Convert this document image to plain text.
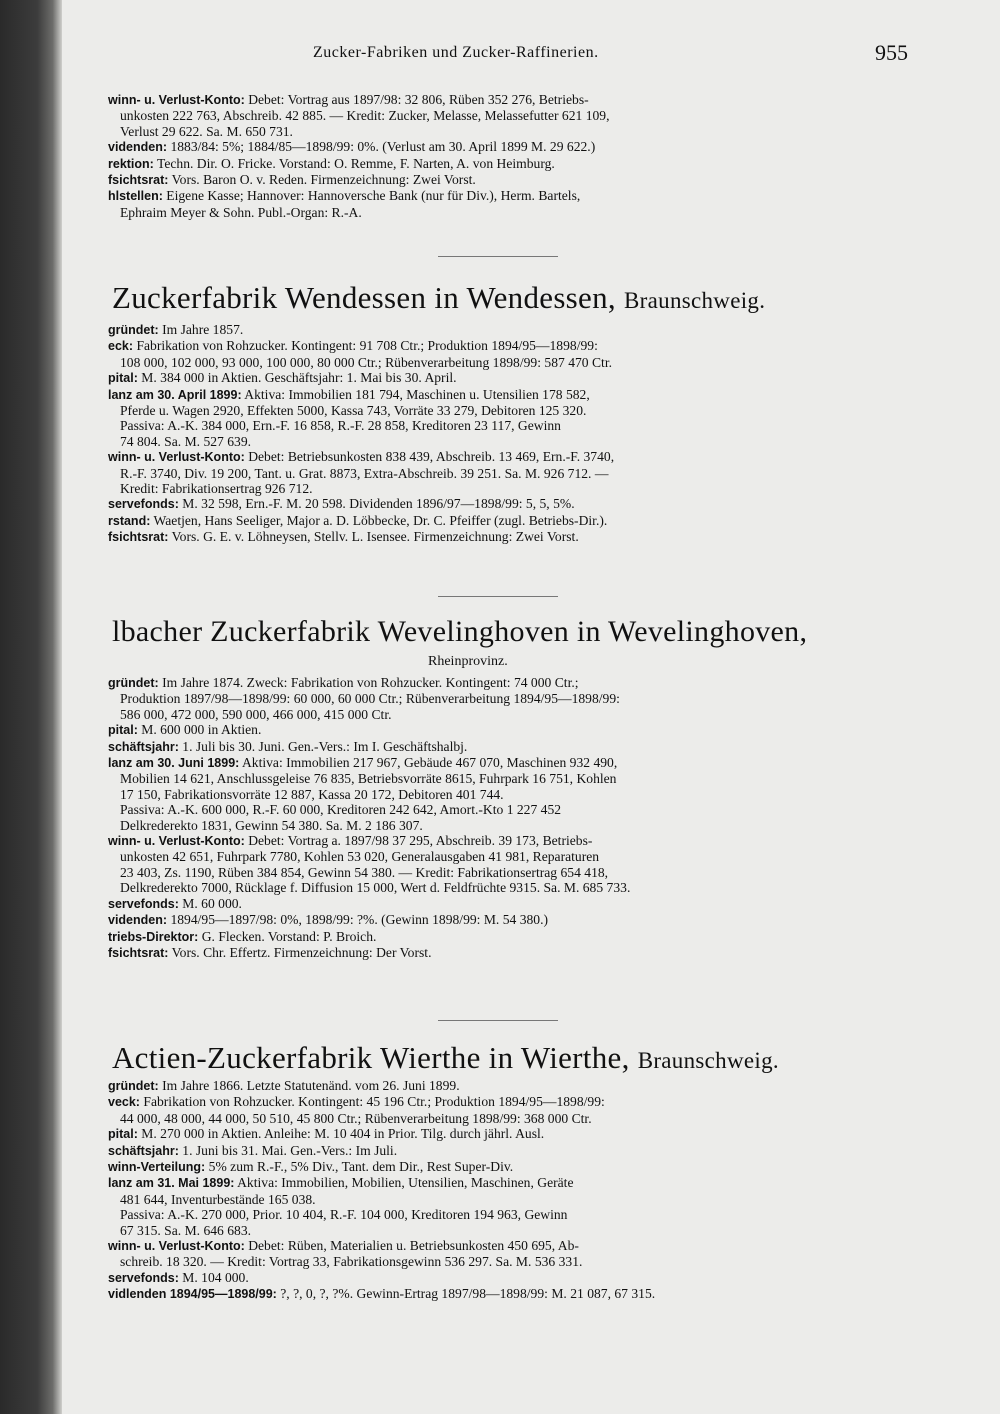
Zucker-Fabriken und Zucker-Raffinerien.	955
winn- u. Verlust-Konto: Debet: Vortrag aus 1897/98: 32 806, Rüben 352 276, Betriebs-
unkosten 222 763, Abschreib. 42 885. — Kredit: Zucker, Melasse, Melassefutter 621 109,
Verlust 29 622. Sa. M. 650 731.
videnden: 1883/84: 5%; 1884/85—1898/99: 0%. (Verlust am 30. April 1899 M. 29 622.)
rektion: Techn. Dir. O. Fricke. Vorstand: O. Remme, F. Narten, A. von Heimburg.
fsichtsrat: Vors. Baron O. v. Reden. Firmenzeichnung: Zwei Vorst.
hlstellen: Eigene Kasse; Hannover: Hannoversche Bank (nur für Div.), Herm. Bartels,
Ephraim Meyer & Sohn. Publ.-Organ: R.-A.
Zuckerfabrik Wendessen in Wendessen, Braunschweig.
gründet: Im Jahre 1857.
eck: Fabrikation von Rohzucker. Kontingent: 91 708 Ctr.; Produktion 1894/95—1898/99:
108 000, 102 000, 93 000, 100 000, 80 000 Ctr.; Rübenverarbeitung 1898/99: 587 470 Ctr.
pital: M. 384 000 in Aktien. Geschäftsjahr: 1. Mai bis 30. April.
lanz am 30. April 1899: Aktiva: Immobilien 181 794, Maschinen u. Utensilien 178 582,
Pferde u. Wagen 2920, Effekten 5000, Kassa 743, Vorräte 33 279, Debitoren 125 320.
Passiva: A.-K. 384 000, Ern.-F. 16 858, R.-F. 28 858, Kreditoren 23 117, Gewinn
74 804. Sa. M. 527 639.
winn- u. Verlust-Konto: Debet: Betriebsunkosten 838 439, Abschreib. 13 469, Ern.-F. 3740,
R.-F. 3740, Div. 19 200, Tant. u. Grat. 8873, Extra-Abschreib. 39 251. Sa. M. 926 712. —
Kredit: Fabrikationsertrag 926 712.
servefonds: M. 32 598, Ern.-F. M. 20 598. Dividenden 1896/97—1898/99: 5, 5, 5%.
rstand: Waetjen, Hans Seeliger, Major a. D. Löbbecke, Dr. C. Pfeiffer (zugl. Betriebs-Dir.).
fsichtsrat: Vors. G. E. v. Löhneysen, Stellv. L. Isensee. Firmenzeichnung: Zwei Vorst.
lbacher Zuckerfabrik Wevelinghoven in Wevelinghoven,
Rheinprovinz.
gründet: Im Jahre 1874. Zweck: Fabrikation von Rohzucker. Kontingent: 74 000 Ctr.;
Produktion 1897/98—1898/99: 60 000, 60 000 Ctr.; Rübenverarbeitung 1894/95—1898/99:
586 000, 472 000, 590 000, 466 000, 415 000 Ctr.
pital: M. 600 000 in Aktien.
schäftsjahr: 1. Juli bis 30. Juni. Gen.-Vers.: Im I. Geschäftshalbj.
lanz am 30. Juni 1899: Aktiva: Immobilien 217 967, Gebäude 467 070, Maschinen 932 490,
Mobilien 14 621, Anschlussgeleise 76 835, Betriebsvorräte 8615, Fuhrpark 16 751, Kohlen
17 150, Fabrikationsvorräte 12 887, Kassa 20 172, Debitoren 401 744.
Passiva: A.-K. 600 000, R.-F. 60 000, Kreditoren 242 642, Amort.-Kto 1 227 452
Delkrederekto 1831, Gewinn 54 380. Sa. M. 2 186 307.
winn- u. Verlust-Konto: Debet: Vortrag a. 1897/98 37 295, Abschreib. 39 173, Betriebs-
unkosten 42 651, Fuhrpark 7780, Kohlen 53 020, Generalausgaben 41 981, Reparaturen
23 403, Zs. 1190, Rüben 384 854, Gewinn 54 380. — Kredit: Fabrikationsertrag 654 418,
Delkrederekto 7000, Rücklage f. Diffusion 15 000, Wert d. Feldfrüchte 9315. Sa. M. 685 733.
servefonds: M. 60 000.
videnden: 1894/95—1897/98: 0%, 1898/99: ?%. (Gewinn 1898/99: M. 54 380.)
triebs-Direktor: G. Flecken. Vorstand: P. Broich.
fsichtsrat: Vors. Chr. Effertz. Firmenzeichnung: Der Vorst.
Actien-Zuckerfabrik Wierthe in Wierthe, Braunschweig.
gründet: Im Jahre 1866. Letzte Statutenänd. vom 26. Juni 1899.
veck: Fabrikation von Rohzucker. Kontingent: 45 196 Ctr.; Produktion 1894/95—1898/99:
44 000, 48 000, 44 000, 50 510, 45 800 Ctr.; Rübenverarbeitung 1898/99: 368 000 Ctr.
pital: M. 270 000 in Aktien. Anleihe: M. 10 404 in Prior. Tilg. durch jährl. Ausl.
schäftsjahr: 1. Juni bis 31. Mai. Gen.-Vers.: Im Juli.
winn-Verteilung: 5% zum R.-F., 5% Div., Tant. dem Dir., Rest Super-Div.
lanz am 31. Mai 1899: Aktiva: Immobilien, Mobilien, Utensilien, Maschinen, Geräte
481 644, Inventurbestände 165 038.
Passiva: A.-K. 270 000, Prior. 10 404, R.-F. 104 000, Kreditoren 194 963, Gewinn
67 315. Sa. M. 646 683.
winn- u. Verlust-Konto: Debet: Rüben, Materialien u. Betriebsunkosten 450 695, Ab-
schreib. 18 320. — Kredit: Vortrag 33, Fabrikationsgewinn 536 297. Sa. M. 536 331.
servefonds: M. 104 000.
vidlenden 1894/95—1898/99: ?, ?, 0, ?, ?%. Gewinn-Ertrag 1897/98—1898/99: M. 21 087, 67 315.
